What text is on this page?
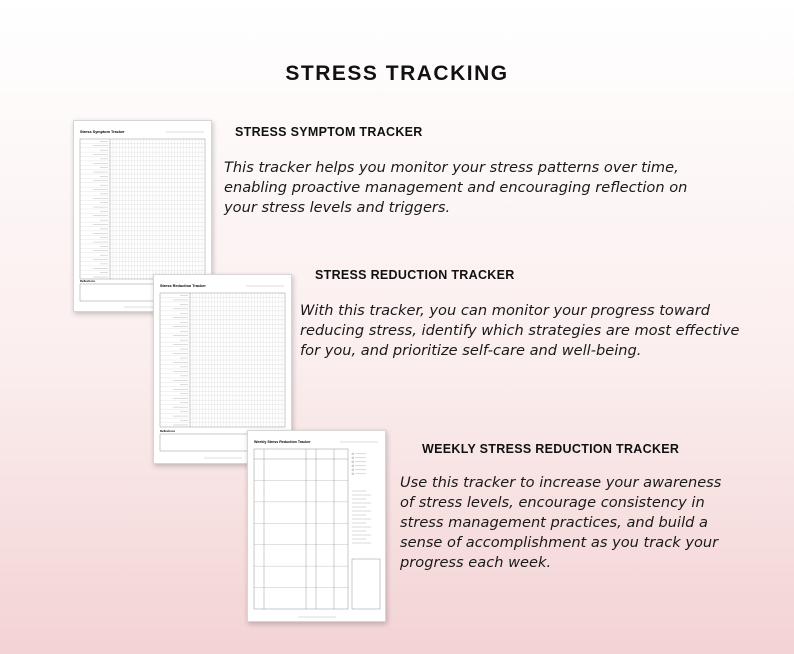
STRESS TRACKING
STRESS SYMPTOM TRACKER
This tracker helps you monitor your stress patterns over time, enabling proactive management and encouraging reflection on your stress levels and triggers.
STRESS REDUCTION TRACKER
With this tracker, you can monitor your progress toward reducing stress, identify which strategies are most effective for you, and prioritize self-care and well-being.
WEEKLY STRESS REDUCTION TRACKER
Use this tracker to increase your awareness of stress levels, encourage consistency in stress management practices, and build a sense of accomplishment as you track your progress each week.
Stress Symptom Tracker
Reflections
Stress Reduction Tracker
Reflections
Weekly Stress Reduction Tracker
